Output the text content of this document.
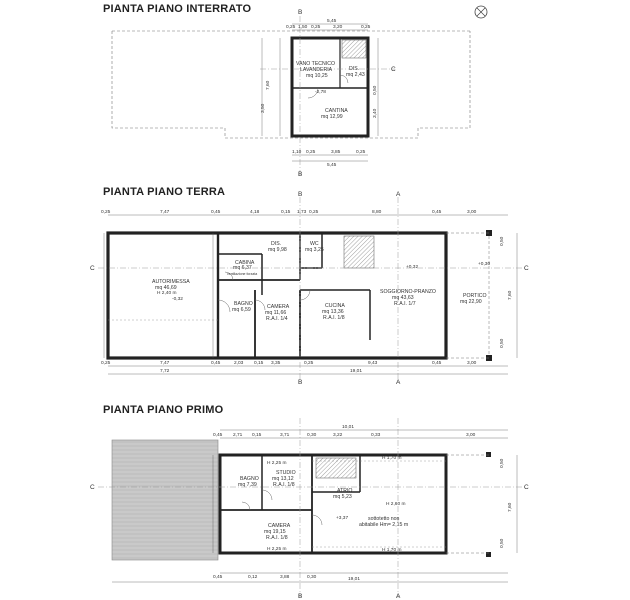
PIANTA PIANO INTERRATO
PIANTA PIANO TERRA
PIANTA PIANO PRIMO
VANO TECNICO
LAVANDERIA
mq 10,25
DIS.
mq 2,43
CANTINA
mq 12,99
-2,78
5,45
0,25 1,50 0,25	3,20	0,25
1,10 0,25	3,85	0,25
5,45
3,50
7,60
0,50
3,40
B
B
C
AUTORIMESSA
mq 46,69
H 2,40 m
DIS.
mq 9,98
WC
mq 3,25
CABINA
mq 6,37
ventilazione forzata
BAGNO
mq 6,59	CAMERA
mq 11,66
R.A.I. 1/4
CUCINA
mq 13,36
R.A.I. 1/8
SOGGIORNO-PRANZO
mq 43,63
R.A.I. 1/7
PORTICO
mq 22,90
+0,32
+0,30
-0,32
0,25	7,47	0,45	4,18	0,15 1,73 0,25	8,80	0,45	3,00
0,25	7,47	0,45	2,03 0,15 3,35	0,25	9,43	0,45	3,00
7,72	19,01
0,50
7,60
0,50
B	A
B	A
C	C
BAGNO
mq 7,39
STUDIO
mq 13,12
R.A.I. 1/8
ATRIO
mq 5,23
CAMERA
mq 19,15
R.A.I. 1/8
sottotetto non
abitabile Hm= 2,15 m
H 2,25 m
H 1,70 m
H 2,60 m
H 2,25 m	H 1,70 m
+3,37
10,01
0,45 2,71 0,15	3,71	0,30	3,22	0,33	3,00
0,45	0,12	3,88	0,30	19,01
0,50
7,60
0,50
C	C
B	A
